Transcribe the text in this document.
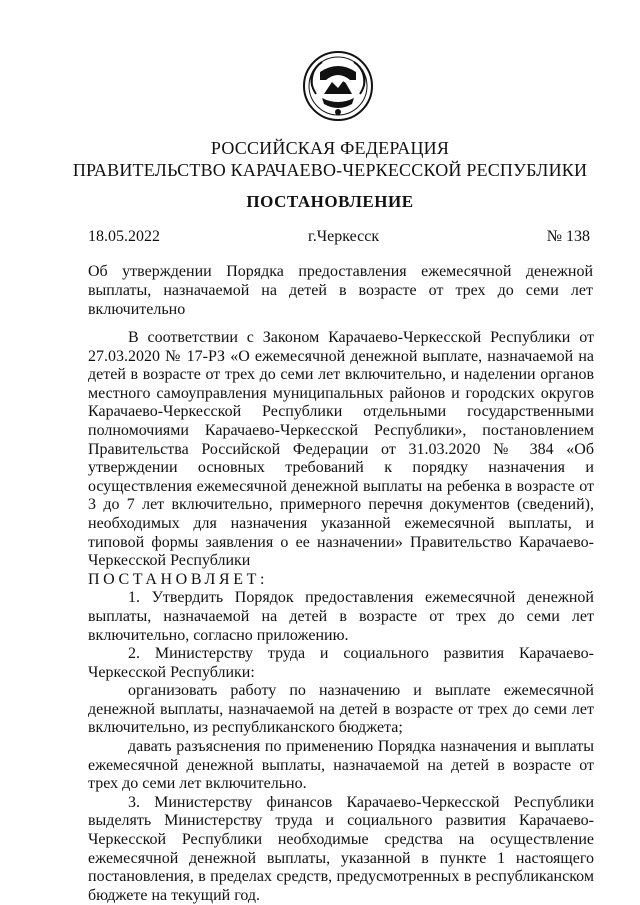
РОССИЙСКАЯ ФЕДЕРАЦИЯ
ПРАВИТЕЛЬСТВО КАРАЧАЕВО-ЧЕРКЕССКОЙ РЕСПУБЛИКИ
ПОСТАНОВЛЕНИЕ
18.05.2022	г.Черкесск	№ 138
Об утверждении Порядка предоставления ежемесячной денежной выплаты, назначаемой на детей в возрасте от трех до семи лет включительно

В соответствии с Законом Карачаево-Черкесской Республики от 27.03.2020 № 17-РЗ «О ежемесячной денежной выплате, назначаемой на детей в возрасте от трех до семи лет включительно, и наделении органов местного самоуправления муниципальных районов и городских округов Карачаево-Черкесской Республики отдельными государственными полномочиями Карачаево-Черкесской Республики», постановлением Правительства Российской Федерации от 31.03.2020 № 384 «Об утверждении основных требований к порядку назначения и осуществления ежемесячной денежной выплаты на ребенка в возрасте от 3 до 7 лет включительно, примерного перечня документов (сведений), необходимых для назначения указанной ежемесячной выплаты, и типовой формы заявления о ее назначении» Правительство Карачаево-Черкесской Республики

ПОСТАНОВЛЯЕТ:

1. Утвердить Порядок предоставления ежемесячной денежной выплаты, назначаемой на детей в возрасте от трех до семи лет включительно, согласно приложению.

2. Министерству труда и социального развития Карачаево-Черкесской Республики:

организовать работу по назначению и выплате ежемесячной денежной выплаты, назначаемой на детей в возрасте от трех до семи лет включительно, из республиканского бюджета;

давать разъяснения по применению Порядка назначения и выплаты ежемесячной денежной выплаты, назначаемой на детей в возрасте от трех до семи лет включительно.

3. Министерству финансов Карачаево-Черкесской Республики выделять Министерству труда и социального развития Карачаево-Черкесской Республики необходимые средства на осуществление ежемесячной денежной выплаты, указанной в пункте 1 настоящего постановления, в пределах средств, предусмотренных в республиканском бюджете на текущий год.
